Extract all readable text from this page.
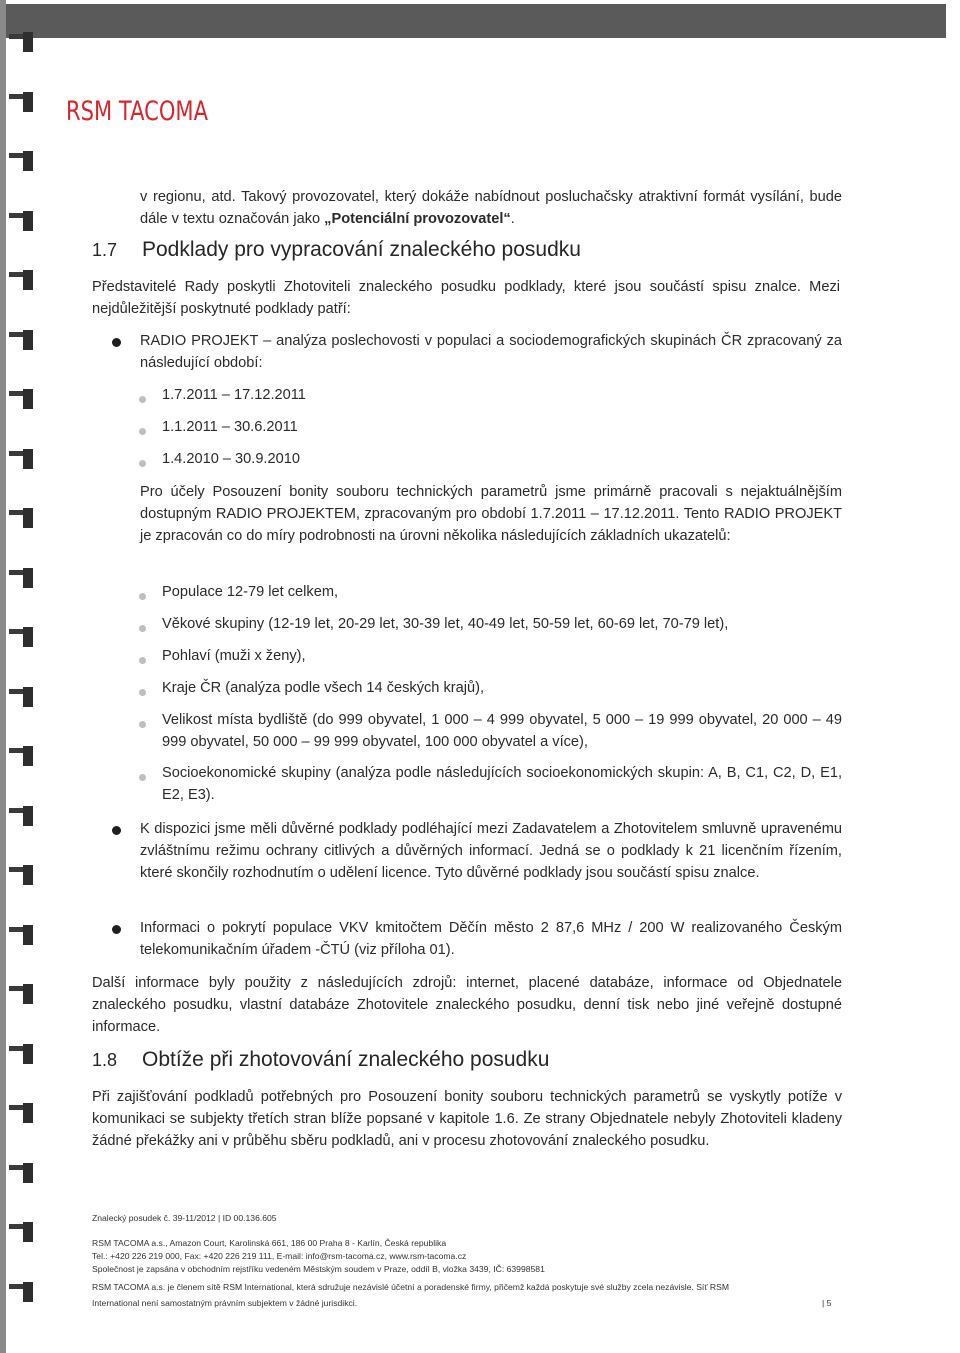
RSM TACOMA

v regionu, atd. Takový provozovatel, který dokáže nabídnout posluchačsky atraktivní formát vysílání, bude dále v textu označován jako „Potenciální provozovatel“.

1.7 Podklady pro vypracování znaleckého posudku

Představitelé Rady poskytli Zhotoviteli znaleckého posudku podklady, které jsou součástí spisu znalce. Mezi nejdůležitější poskytnuté podklady patří:

RADIO PROJEKT – analýza poslechovosti v populaci a sociodemografických skupinách ČR zpracovaný za následující období:

1.7.2011 – 17.12.2011

1.1.2011 – 30.6.2011

1.4.2010 – 30.9.2010

Pro účely Posouzení bonity souboru technických parametrů jsme primárně pracovali s nejaktuálnějším dostupným RADIO PROJEKTEM, zpracovaným pro období 1.7.2011 – 17.12.2011. Tento RADIO PROJEKT je zpracován co do míry podrobnosti na úrovni několika následujících základních ukazatelů:

Populace 12-79 let celkem,

Věkové skupiny (12-19 let, 20-29 let, 30-39 let, 40-49 let, 50-59 let, 60-69 let, 70-79 let),

Pohlaví (muži x ženy),

Kraje ČR (analýza podle všech 14 českých krajů),

Velikost místa bydliště (do 999 obyvatel, 1 000 – 4 999 obyvatel, 5 000 – 19 999 obyvatel, 20 000 – 49 999 obyvatel, 50 000 – 99 999 obyvatel, 100 000 obyvatel a více),

Socioekonomické skupiny (analýza podle následujících socioekonomických skupin: A, B, C1, C2, D, E1, E2, E3).

K dispozici jsme měli důvěrné podklady podléhající mezi Zadavatelem a Zhotovitelem smluvně upravenému zvláštnímu režimu ochrany citlivých a důvěrných informací. Jedná se o podklady k 21 licenčním řízením, které skončily rozhodnutím o udělení licence. Tyto důvěrné podklady jsou součástí spisu znalce.

Informaci o pokrytí populace VKV kmitočtem Děčín město 2 87,6 MHz / 200 W realizovaného Českým telekomunikačním úřadem -ČTÚ (viz příloha 01).

Další informace byly použity z následujících zdrojů: internet, placené databáze, informace od Objednatele znaleckého posudku, vlastní databáze Zhotovitele znaleckého posudku, denní tisk nebo jiné veřejně dostupné informace.

1.8 Obtíže při zhotovování znaleckého posudku

Při zajišťování podkladů potřebných pro Posouzení bonity souboru technických parametrů se vyskytly potíže v komunikaci se subjekty třetích stran blíže popsané v kapitole 1.6. Ze strany Objednatele nebyly Zhotoviteli kladeny žádné překážky ani v průběhu sběru podkladů, ani v procesu zhotovování znaleckého posudku.

Znalecký posudek č. 39-11/2012 | ID 00.136.605

RSM TACOMA a.s., Amazon Court, Karolinská 661, 186 00 Praha 8 - Karlín, Česká republika

Tel.: +420 226 219 000, Fax: +420 226 219 111, E-mail: info@rsm-tacoma.cz, www.rsm-tacoma.cz

Společnost je zapsána v obchodním rejstříku vedeném Městským soudem v Praze, oddíl B, vložka 3439, IČ: 63998581

RSM TACOMA a.s. je členem sítě RSM International, která sdružuje nezávislé účetní a poradenské firmy, přičemž každá poskytuje své služby zcela nezávisle. Síť RSM

International není samostatným právním subjektem v žádné jurisdikci.	| 5
